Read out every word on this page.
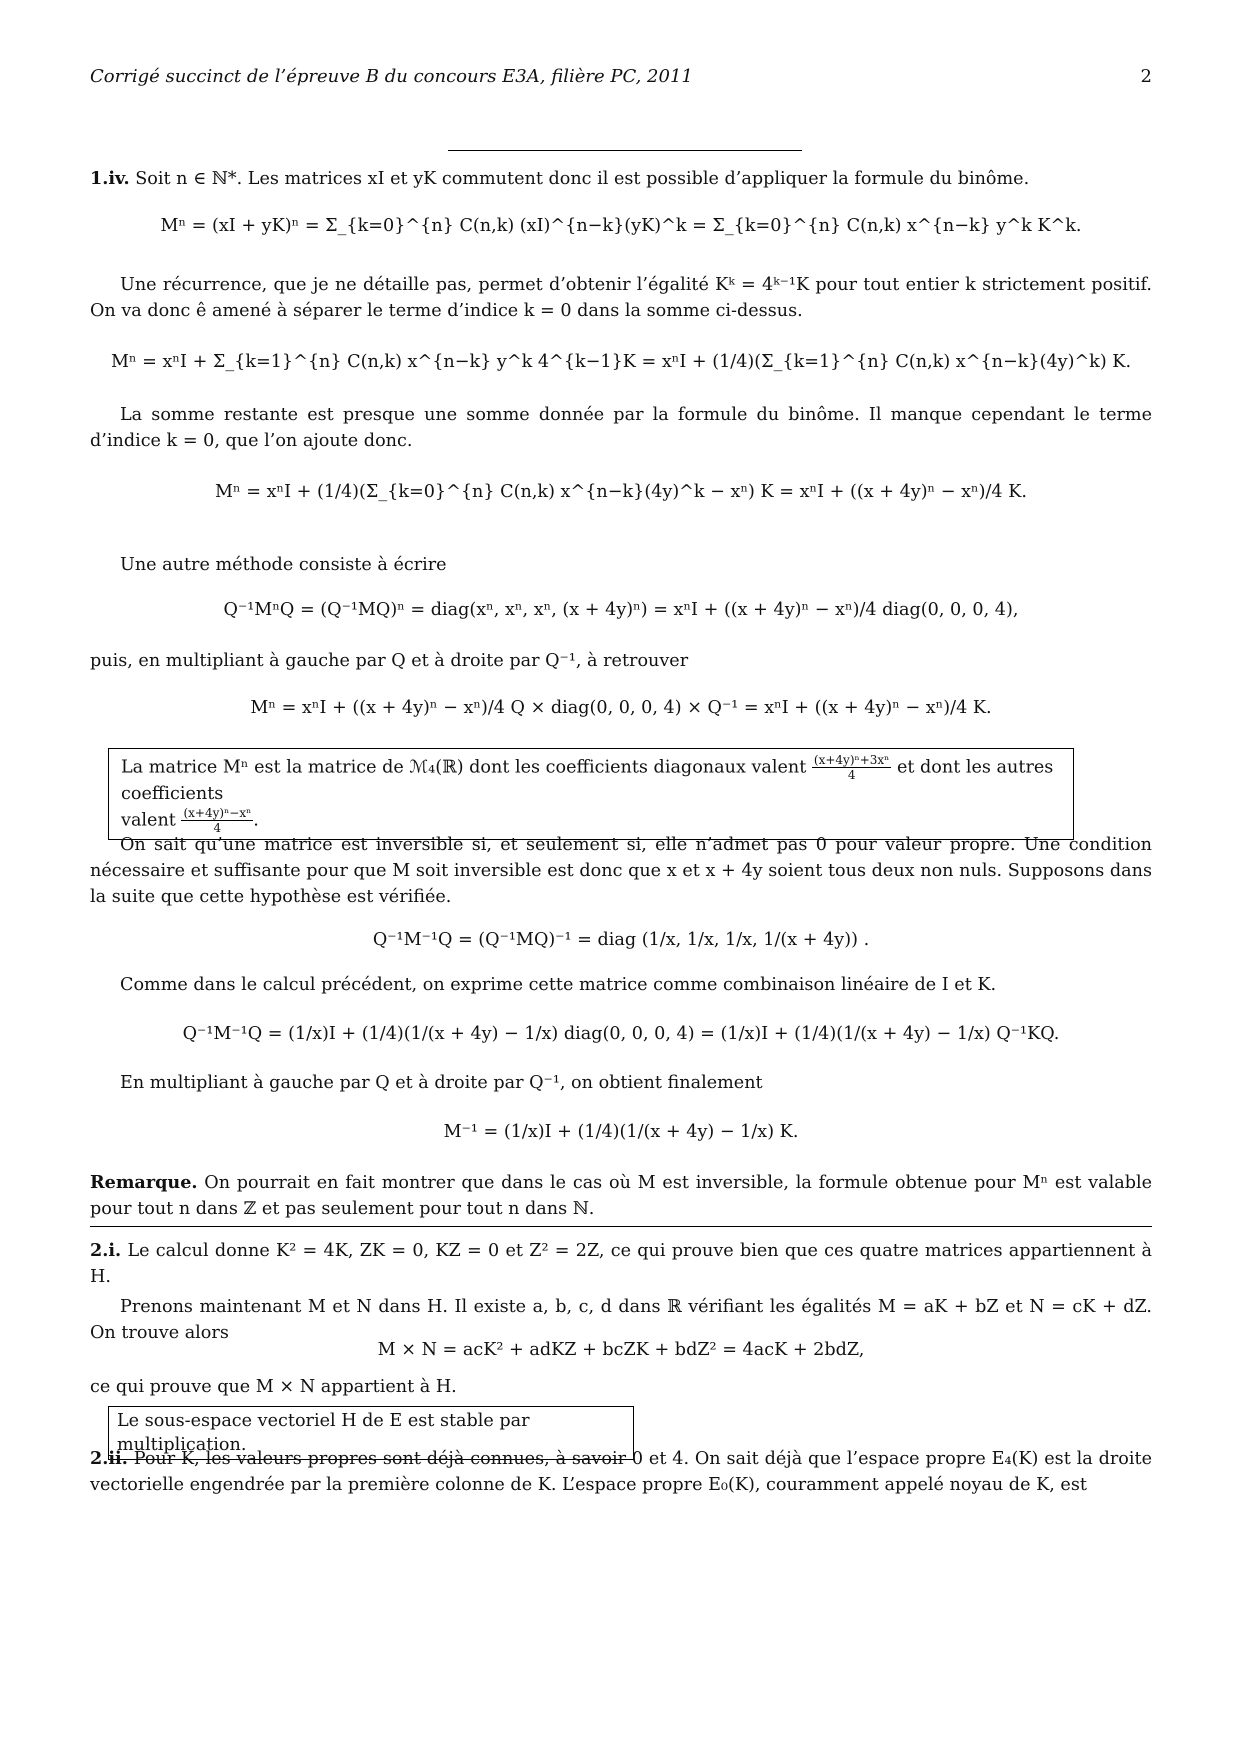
Corrigé succinct de l’épreuve B du concours E3A, filière PC, 2011	2
1.iv. Soit n ∈ ℕ*. Les matrices xI et yK commutent donc il est possible d’appliquer la formule du binôme.
Mⁿ = (xI + yK)ⁿ = Σ_{k=0}^{n} C(n,k) (xI)^{n−k}(yK)^k = Σ_{k=0}^{n} C(n,k) x^{n−k} y^k K^k.
Une récurrence, que je ne détaille pas, permet d’obtenir l’égalité Kᵏ = 4ᵏ⁻¹K pour tout entier k strictement positif. On va donc ê amené à séparer le terme d’indice k = 0 dans la somme ci-dessus.
Mⁿ = xⁿI + Σ_{k=1}^{n} C(n,k) x^{n−k} y^k 4^{k−1}K = xⁿI + (1/4)(Σ_{k=1}^{n} C(n,k) x^{n−k}(4y)^k) K.
La somme restante est presque une somme donnée par la formule du binôme. Il manque cependant le terme d’indice k = 0, que l’on ajoute donc.
Mⁿ = xⁿI + (1/4)(Σ_{k=0}^{n} C(n,k) x^{n−k}(4y)^k − xⁿ) K = xⁿI + ((x + 4y)ⁿ − xⁿ)/4 K.
Une autre méthode consiste à écrire
Q⁻¹MⁿQ = (Q⁻¹MQ)ⁿ = diag(xⁿ, xⁿ, xⁿ, (x + 4y)ⁿ) = xⁿI + ((x + 4y)ⁿ − xⁿ)/4 diag(0, 0, 0, 4),
puis, en multipliant à gauche par Q et à droite par Q⁻¹, à retrouver
Mⁿ = xⁿI + ((x + 4y)ⁿ − xⁿ)/4 Q × diag(0, 0, 0, 4) × Q⁻¹ = xⁿI + ((x + 4y)ⁿ − xⁿ)/4 K.
La matrice Mⁿ est la matrice de ℳ₄(ℝ) dont les coefficients diagonaux valent $\frac{\text{(x+4y)ⁿ+3xⁿ}}{4}$ et dont les autres coefficients
valent $\frac{\text{(x+4y)ⁿ−xⁿ}}{4}$ .
On sait qu’une matrice est inversible si, et seulement si, elle n’admet pas 0 pour valeur propre. Une condition nécessaire et suffisante pour que M soit inversible est donc que x et x + 4y soient tous deux non nuls. Supposons dans la suite que cette hypothèse est vérifiée.
Q⁻¹M⁻¹Q = (Q⁻¹MQ)⁻¹ = diag (1/x, 1/x, 1/x, 1/(x + 4y)) .
Comme dans le calcul précédent, on exprime cette matrice comme combinaison linéaire de I et K.
Q⁻¹M⁻¹Q = (1/x)I + (1/4)(1/(x + 4y) − 1/x) diag(0, 0, 0, 4) = (1/x)I + (1/4)(1/(x + 4y) − 1/x) Q⁻¹KQ.
En multipliant à gauche par Q et à droite par Q⁻¹, on obtient finalement
M⁻¹ = (1/x)I + (1/4)(1/(x + 4y) − 1/x) K.
Remarque. On pourrait en fait montrer que dans le cas où M est inversible, la formule obtenue pour Mⁿ est valable pour tout n dans ℤ et pas seulement pour tout n dans ℕ.
2.i. Le calcul donne K² = 4K, ZK = 0, KZ = 0 et Z² = 2Z, ce qui prouve bien que ces quatre matrices appartiennent à H.
Prenons maintenant M et N dans H. Il existe a, b, c, d dans ℝ vérifiant les égalités M = aK + bZ et N = cK + dZ. On trouve alors
M × N = acK² + adKZ + bcZK + bdZ² = 4acK + 2bdZ,
ce qui prouve que M × N appartient à H.
Le sous-espace vectoriel H de E est stable par multiplication.
2.ii. Pour K, les valeurs propres sont déjà connues, à savoir 0 et 4. On sait déjà que l’espace propre E₄(K) est la droite vectorielle engendrée par la première colonne de K. L’espace propre E₀(K), couramment appelé noyau de K, est
